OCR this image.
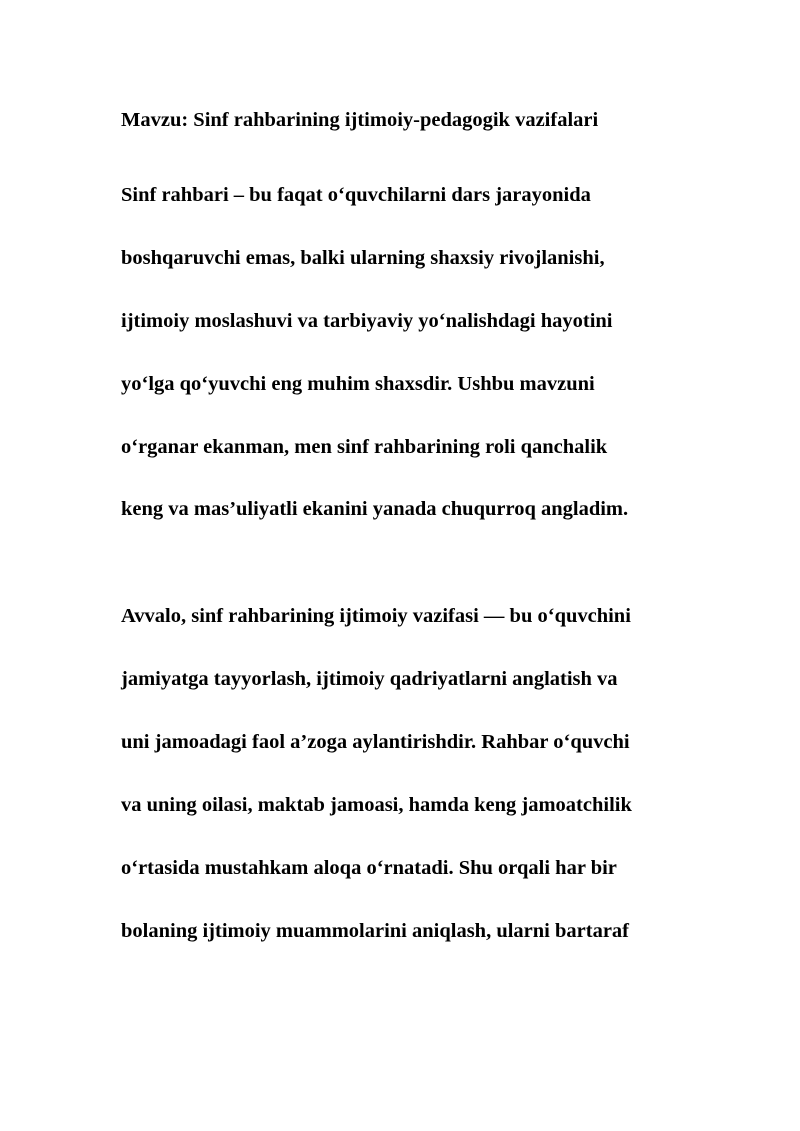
Mavzu: Sinf rahbarining ijtimoiy-pedagogik vazifalari

Sinf rahbari – bu faqat o‘quvchilarni dars jarayonida

boshqaruvchi emas, balki ularning shaxsiy rivojlanishi,

ijtimoiy moslashuvi va tarbiyaviy yo‘nalishdagi hayotini

yo‘lga qo‘yuvchi eng muhim shaxsdir. Ushbu mavzuni

o‘rganar ekanman, men sinf rahbarining roli qanchalik

keng va mas’uliyatli ekanini yanada chuqurroq angladim.

Avvalo, sinf rahbarining ijtimoiy vazifasi — bu o‘quvchini

jamiyatga tayyorlash, ijtimoiy qadriyatlarni anglatish va

uni jamoadagi faol a’zoga aylantirishdir. Rahbar o‘quvchi

va uning oilasi, maktab jamoasi, hamda keng jamoatchilik

o‘rtasida mustahkam aloqa o‘rnatadi. Shu orqali har bir

bolaning ijtimoiy muammolarini aniqlash, ularni bartaraf
